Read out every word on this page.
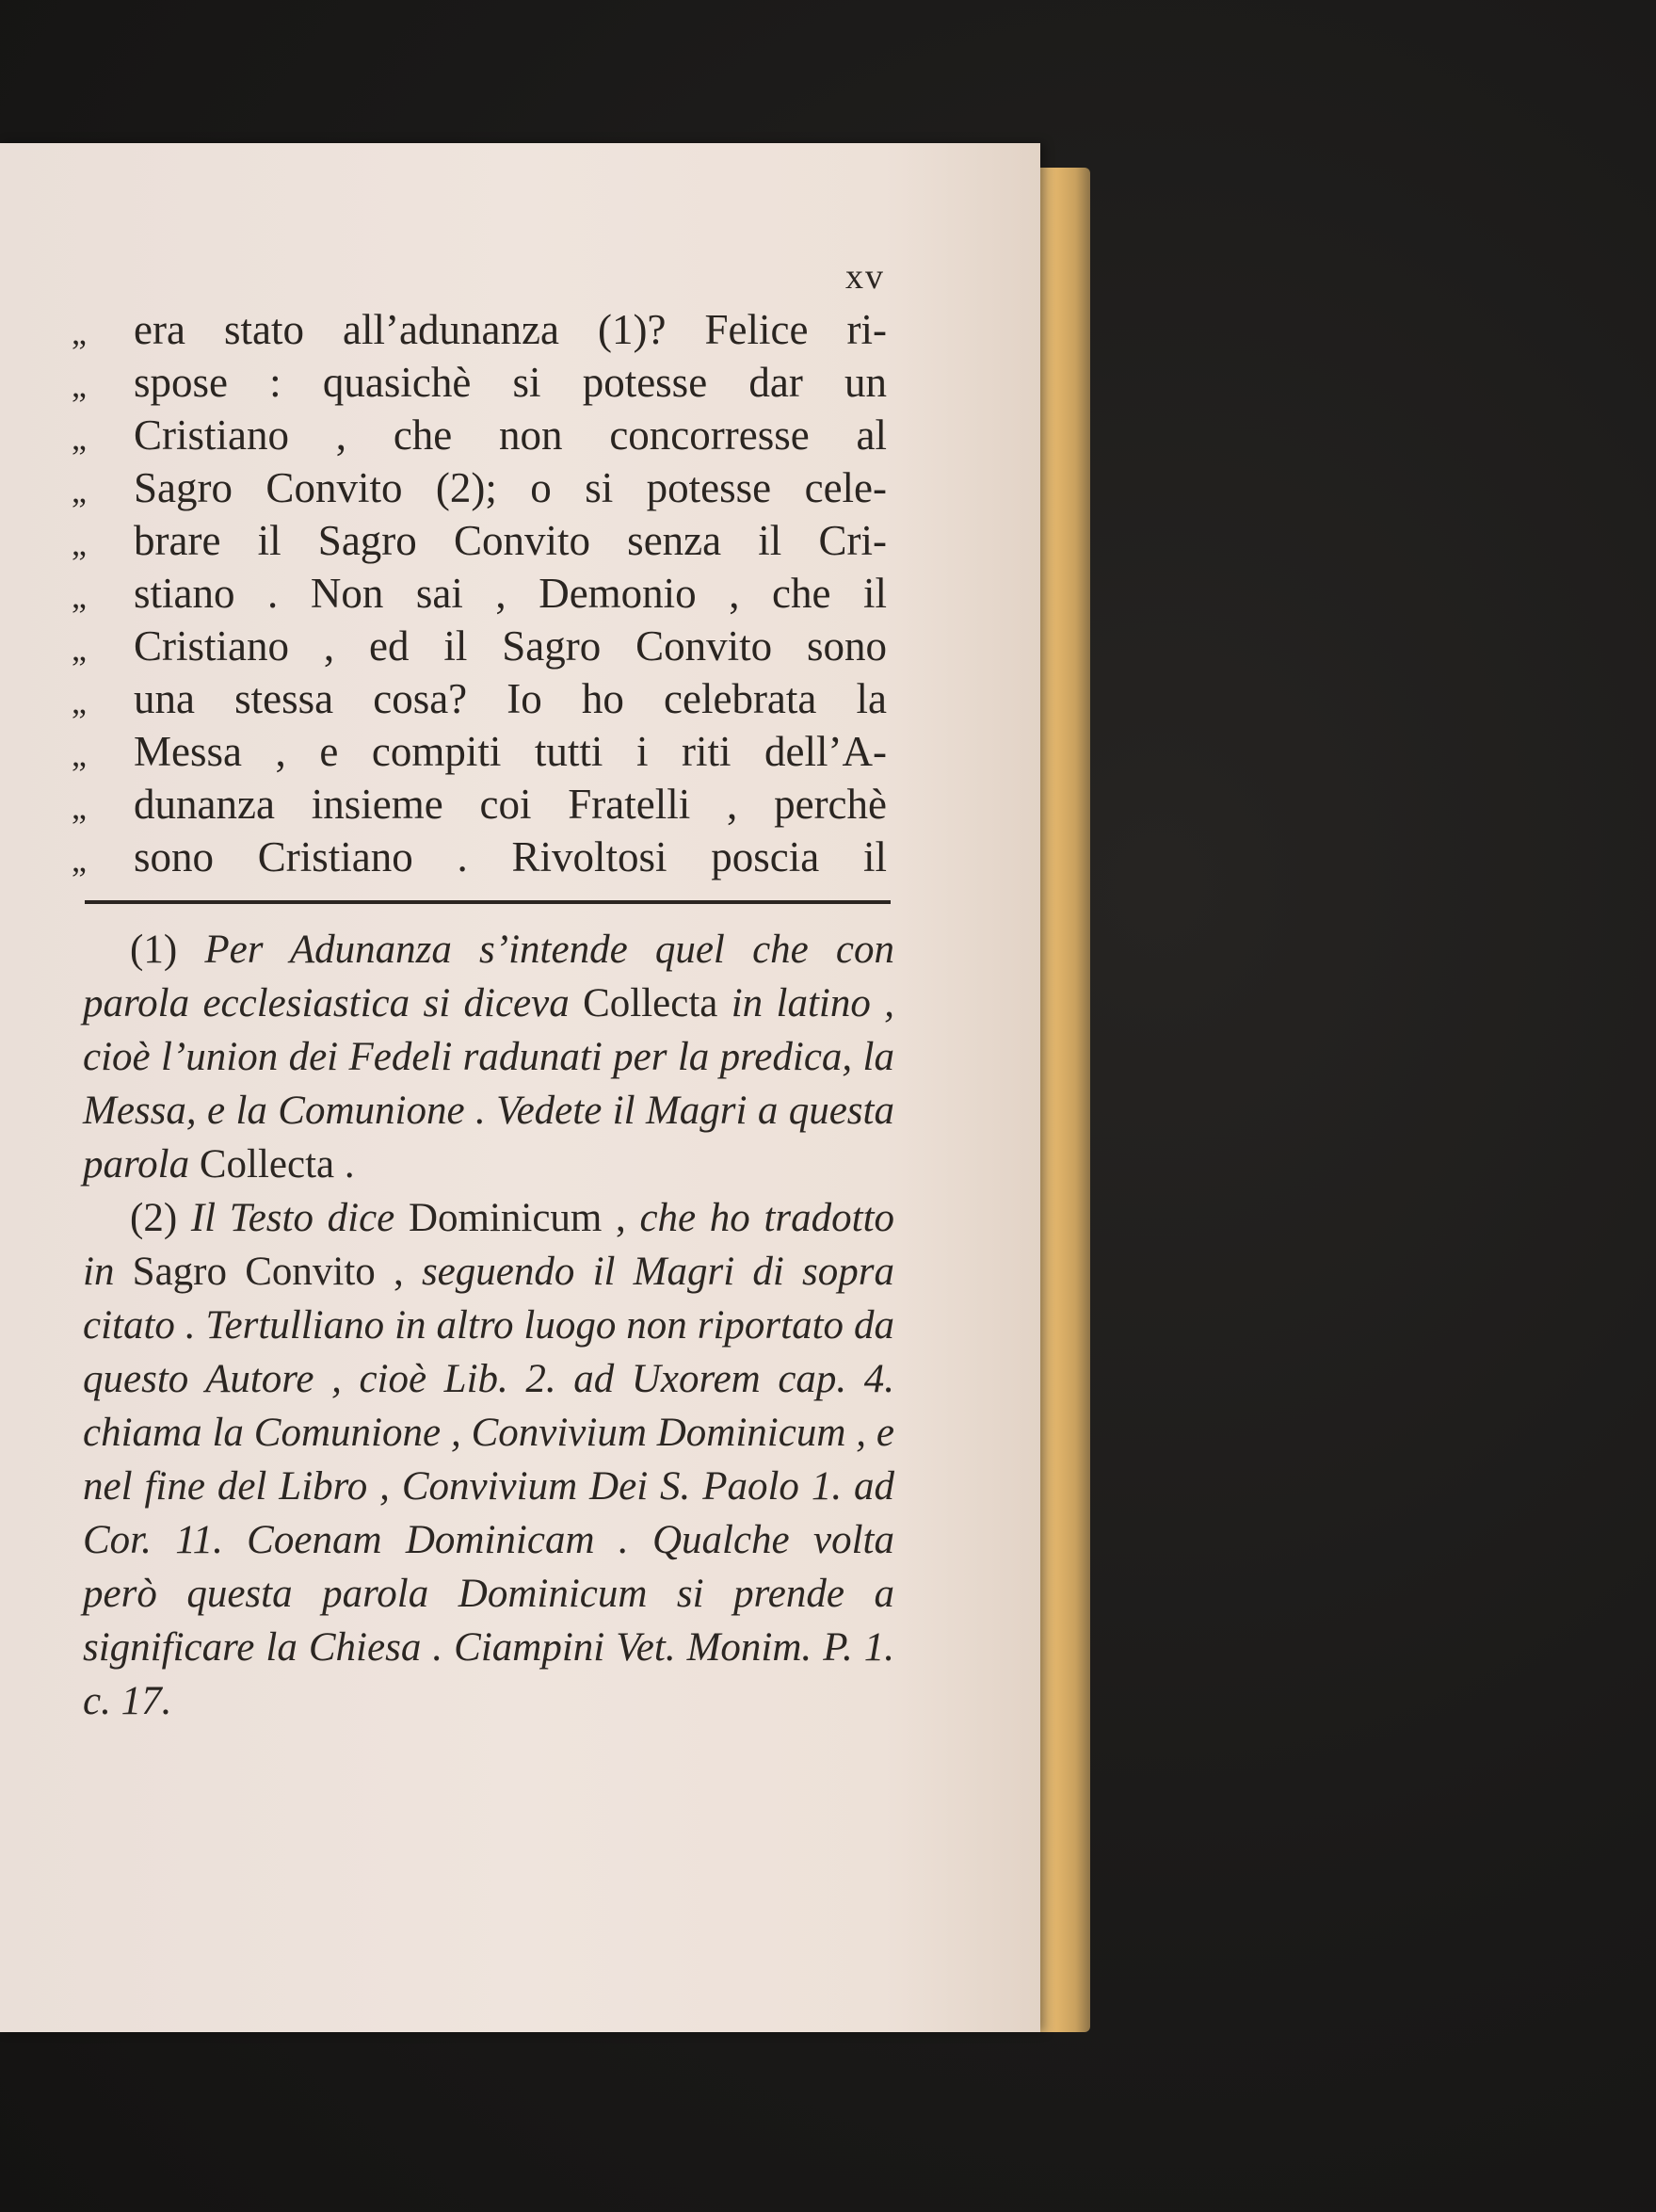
xv
„	era stato all’adunanza (1)? Felice ri-
„	spose : quasichè si potesse dar un
„	Cristiano , che non concorresse al
„	Sagro Convito (2); o si potesse cele-
„	brare il Sagro Convito senza il Cri-
„	stiano . Non sai , Demonio , che il
„	Cristiano , ed il Sagro Convito sono
„	una stessa cosa? Io ho celebrata la
„	Messa , e compiti tutti i riti dell’A-
„	dunanza insieme coi Fratelli , perchè
„	sono Cristiano . Rivoltosi poscia il

(1) Per Adunanza s’intende quel che con parola ecclesiastica si diceva Collecta in latino , cioè l’union dei Fedeli radunati per la predica, la Messa, e la Comunione . Vedete il Magri a questa parola Collecta .

(2) Il Testo dice Dominicum , che ho tradotto in Sagro Convito , seguendo il Magri di sopra citato . Tertulliano in altro luogo non riportato da questo Autore , cioè Lib. 2. ad Uxorem cap. 4. chiama la Comunione , Convivium Dominicum , e nel fine del Libro , Convivium Dei S. Paolo 1. ad Cor. 11. Coenam Dominicam . Qualche volta però questa parola Dominicum si prende a significare la Chiesa . Ciampini Vet. Monim. P. 1. c. 17.
